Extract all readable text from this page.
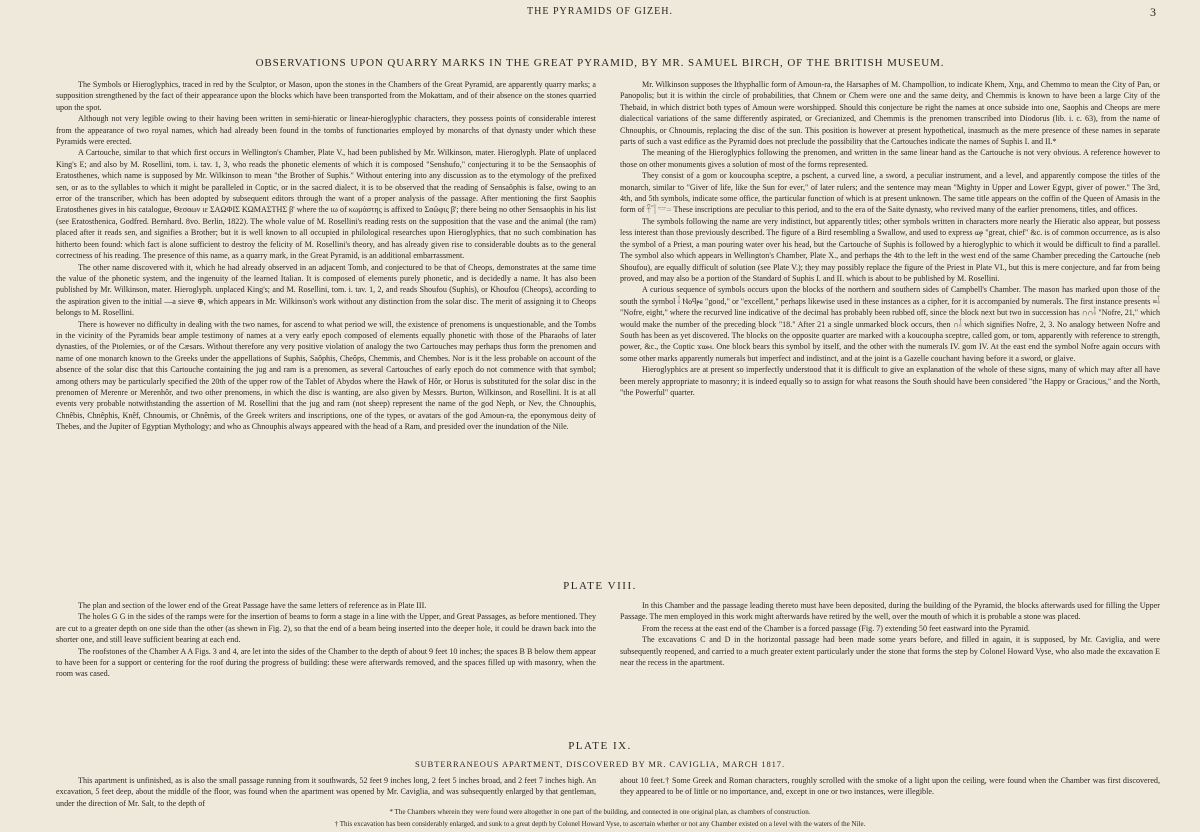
THE PYRAMIDS OF GIZEH.	3
OBSERVATIONS UPON QUARRY MARKS IN THE GREAT PYRAMID, BY MR. SAMUEL BIRCH, OF THE BRITISH MUSEUM.

The Symbols or Hieroglyphics, traced in red by the Sculptor, or Mason, upon the stones in the Chambers of the Great Pyramid, are apparently quarry marks; a supposition strengthened by the fact of their appearance upon the blocks which have been transported from the Mokattam, and of their absence on the stones quarried upon the spot.

Although not very legible owing to their having been written in semi-hieratic or linear-hieroglyphic characters, they possess points of considerable interest from the appearance of two royal names, which had already been found in the tombs of functionaries employed by monarchs of that dynasty under which these Pyramids were erected.

A Cartouche, similar to that which first occurs in Wellington's Chamber, Plate V., had been published by Mr. Wilkinson, mater. Hieroglyph. Plate of unplaced King's E; and also by M. Rosellini, tom. i. tav. 1, 3, who reads the phonetic elements of which it is composed "Senshufo," conjecturing it to be the Sensaophis of Eratosthenes, which name is supposed by Mr. Wilkinson to mean "the Brother of Suphis." Without entering into any discussion as to the etymology of the prefixed sen, or as to the syllables to which it might be paralleled in Coptic, or in the sacred dialect, it is to be observed that the reading of Sensaôphis is false, owing to an error of the transcriber, which has been adopted by subsequent editors through the want of a proper analysis of the passage. After mentioning the first Saophis Eratosthenes gives in his catalogue, Θεσαων ιε ΣΑΩΦΙΣ ΚΩΜΑΣΤΗΣ β' where the ιω of κωμάστης is affixed to Σαῶφις β'; there being no other Sensaophis in his list (see Eratosthenica, Godfred. Bernhard. 8vo. Berlin, 1822). The whole value of M. Rosellini's reading rests on the supposition that the vase and the animal (the ram) placed after it reads sen, and signifies a Brother; but it is well known to all occupied in philological researches upon Hieroglyphics, that no such combination has hitherto been found: which fact is alone sufficient to destroy the felicity of M. Rosellini's theory, and has already given rise to considerable doubts as to the general correctness of his reading. The presence of this name, as a quarry mark, in the Great Pyramid, is an additional embarrassment.

The other name discovered with it, which he had already observed in an adjacent Tomb, and conjectured to be that of Cheops, demonstrates at the same time the value of the phonetic system, and the ingenuity of the learned Italian. It is composed of elements purely phonetic, and is decidedly a name. It has also been published by Mr. Wilkinson, mater. Hieroglyph. unplaced King's; and M. Rosellini, tom. i. tav. 1, 2, and reads Shoufou (Suphis), or Khoufou (Cheops), according to the aspiration given to the initial —a sieve ⊕, which appears in Mr. Wilkinson's work without any distinction from the solar disc. The merit of assigning it to Cheops belongs to M. Rosellini.

There is however no difficulty in dealing with the two names, for ascend to what period we will, the existence of prenomens is unquestionable, and the Tombs in the vicinity of the Pyramids bear ample testimony of names at a very early epoch composed of elements equally phonetic with those of the Pharaohs of later dynasties, of the Ptolemies, or of the Cæsars. Without therefore any very positive violation of analogy the two Cartouches may perhaps thus form the prenomen and name of one monarch known to the Greeks under the appellations of Suphis, Saôphis, Cheôps, Chemmis, and Chembes. Nor is it the less probable on account of the absence of the solar disc that this Cartouche containing the jug and ram is a prenomen, as several Cartouches of early epoch do not commence with that symbol; among others may be particularly specified the 20th of the upper row of the Tablet of Abydos where the Hawk of Hôr, or Horus is substituted for the solar disc in the prenomen of Merenre or Merenhôr, and two other prenomens, in which the disc is wanting, are also given by Messrs. Burton, Wilkinson, and Rosellini. It is at all events very probable notwithstanding the assertion of M. Rosellini that the jug and ram (not sheep) represent the name of the god Neph, or Nev, the Chnouphis, Chnêbis, Chnêphis, Knêf, Chnoumis, or Chnêmis, of the Greek writers and inscriptions, one of the types, or avatars of the god Amoun-ra, the eponymous deity of Thebes, and the Jupiter of Egyptian Mythology; and who as Chnouphis always appeared with the head of a Ram, and presided over the inundation of the Nile.

Mr. Wilkinson supposes the Ithyphallic form of Amoun-ra, the Harsaphes of M. Champollion, to indicate Khem, Χημ, and Chemmo to mean the City of Pan, or Panopolis; but it is within the circle of probabilities, that Chnem or Chem were one and the same deity, and Chemmis is known to have been a large City of the Thebaid, in which district both types of Amoun were worshipped. Should this conjecture be right the names at once subside into one, Saophis and Cheops are mere dialectical variations of the same differently aspirated, or Grecianized, and Chemmis is the prenomen transcribed into Diodorus (lib. i. c. 63), from the name of Chnouphis, or Chnoumis, replacing the disc of the sun. This position is however at present hypothetical, inasmuch as the mere presence of these names in separate parts of such a vast edifice as the Pyramid does not preclude the possibility that the Cartouches indicate the names of Suphis I. and II.*

The meaning of the Hieroglyphics following the prenomen, and written in the same linear hand as the Cartouche is not very obvious. A reference however to those on other monuments gives a solution of most of the forms represented.

They consist of a gom or koucoupha sceptre, a pschent, a curved line, a sword, a peculiar instrument, and a level, and apparently compose the titles of the monarch, similar to "Giver of life, like the Sun for ever," of later rulers; and the sentence may mean "Mighty in Upper and Lower Egypt, giver of power." The 3rd, 4th, and 5th symbols, indicate some office, the particular function of which is at present unknown. The same title appears on the coffin of the Queen of Amasis in the form of 𓋹𓊹 𓎟𓏏 These inscriptions are peculiar to this period, and to the era of the Saite dynasty, who revived many of the earlier prenomens, titles, and offices.

The symbols following the name are very indistinct, but apparently titles; other symbols written in characters more nearly the Hieratic also appear, but possess less interest than those previously described. The figure of a Bird resembling a Swallow, and used to express ⲱⲣ "great, chief" &c. is of common occurrence, as is also the symbol of a Priest, a man pouring water over his head, but the Cartouche of Suphis is followed by a hieroglyphic to which it would be difficult to find a parallel. The symbol also which appears in Wellington's Chamber, Plate X., and perhaps the 4th to the left in the west end of the same Chamber preceding the Cartouche (neb Shoufou), are equally difficult of solution (see Plate V.); they may possibly replace the figure of the Priest in Plate VI., but this is mere conjecture, and far from being proved, and may also be a portion of the Standard of Suphis I. and II. which is about to be published by M. Rosellini.

A curious sequence of symbols occurs upon the blocks of the northern and southern sides of Campbell's Chamber. The mason has marked upon those of the south the symbol 𓄤 Ⲛⲟϥⲣⲉ "good," or "excellent," perhaps likewise used in these instances as a cipher, for it is accompanied by numerals. The first instance presents ≡𓄤 "Nofre, eight," where the recurved line indicative of the decimal has probably been rubbed off, since the block next but two in succession has ∩∩𓄤 "Nofre, 21," which would make the number of the preceding block "18." After 21 a single unmarked block occurs, then ∩𓄤 which signifies Nofre, 2, 3. No analogy between Nofre and South has been as yet discovered. The blocks on the opposite quarter are marked with a koucoupha sceptre, called gom, or tom, apparently with reference to strength, power, &c., the Coptic ϫⲱⲙ. One block bears this symbol by itself, and the other with the numerals IV. gom IV. At the east end the symbol Nofre again occurs with some other marks apparently numerals but imperfect and indistinct, and at the joint is a Gazelle couchant having before it a sword, or glaive.

Hieroglyphics are at present so imperfectly understood that it is difficult to give an explanation of the whole of these signs, many of which may after all have been merely appropriate to masonry; it is indeed equally so to assign for what reasons the South should have been considered "the Happy or Gracious," and the North, "the Powerful" quarter.

PLATE VIII.

The plan and section of the lower end of the Great Passage have the same letters of reference as in Plate III.

The holes G G in the sides of the ramps were for the insertion of beams to form a stage in a line with the Upper, and Great Passages, as before mentioned. They are cut to a greater depth on one side than the other (as shewn in Fig. 2), so that the end of a beam being inserted into the deeper hole, it could be drawn back into the shorter one, and still leave sufficient bearing at each end.

The roofstones of the Chamber A A Figs. 3 and 4, are let into the sides of the Chamber to the depth of about 9 feet 10 inches; the spaces B B below them appear to have been for a support or centering for the roof during the progress of building: these were afterwards removed, and the spaces filled up with masonry, when the room was cased.

In this Chamber and the passage leading thereto must have been deposited, during the building of the Pyramid, the blocks afterwards used for filling the Upper Passage. The men employed in this work might afterwards have retired by the well, over the mouth of which it is probable a stone was placed.

From the recess at the east end of the Chamber is a forced passage (Fig. 7) extending 50 feet eastward into the Pyramid.

The excavations C and D in the horizontal passage had been made some years before, and filled in again, it is supposed, by Mr. Caviglia, and were subsequently reopened, and carried to a much greater extent particularly under the stone that forms the step by Colonel Howard Vyse, who also made the excavation E near the recess in the apartment.

PLATE IX.
SUBTERRANEOUS APARTMENT, DISCOVERED BY MR. CAVIGLIA, MARCH 1817.

This apartment is unfinished, as is also the small passage running from it southwards, 52 feet 9 inches long, 2 feet 5 inches broad, and 2 feet 7 inches high. An excavation, 5 feet deep, about the middle of the floor, was found when the apartment was opened by Mr. Caviglia, and was subsequently enlarged by that gentleman, under the direction of Mr. Salt, to the depth of

about 10 feet.† Some Greek and Roman characters, roughly scrolled with the smoke of a light upon the ceiling, were found when the Chamber was first discovered, they appeared to be of little or no importance, and, except in one or two instances, were illegible.

* The Chambers wherein they were found were altogether in one part of the building, and connected in one original plan, as chambers of construction.
† This excavation has been considerably enlarged, and sunk to a great depth by Colonel Howard Vyse, to ascertain whether or not any Chamber existed on a level with the waters of the Nile.
